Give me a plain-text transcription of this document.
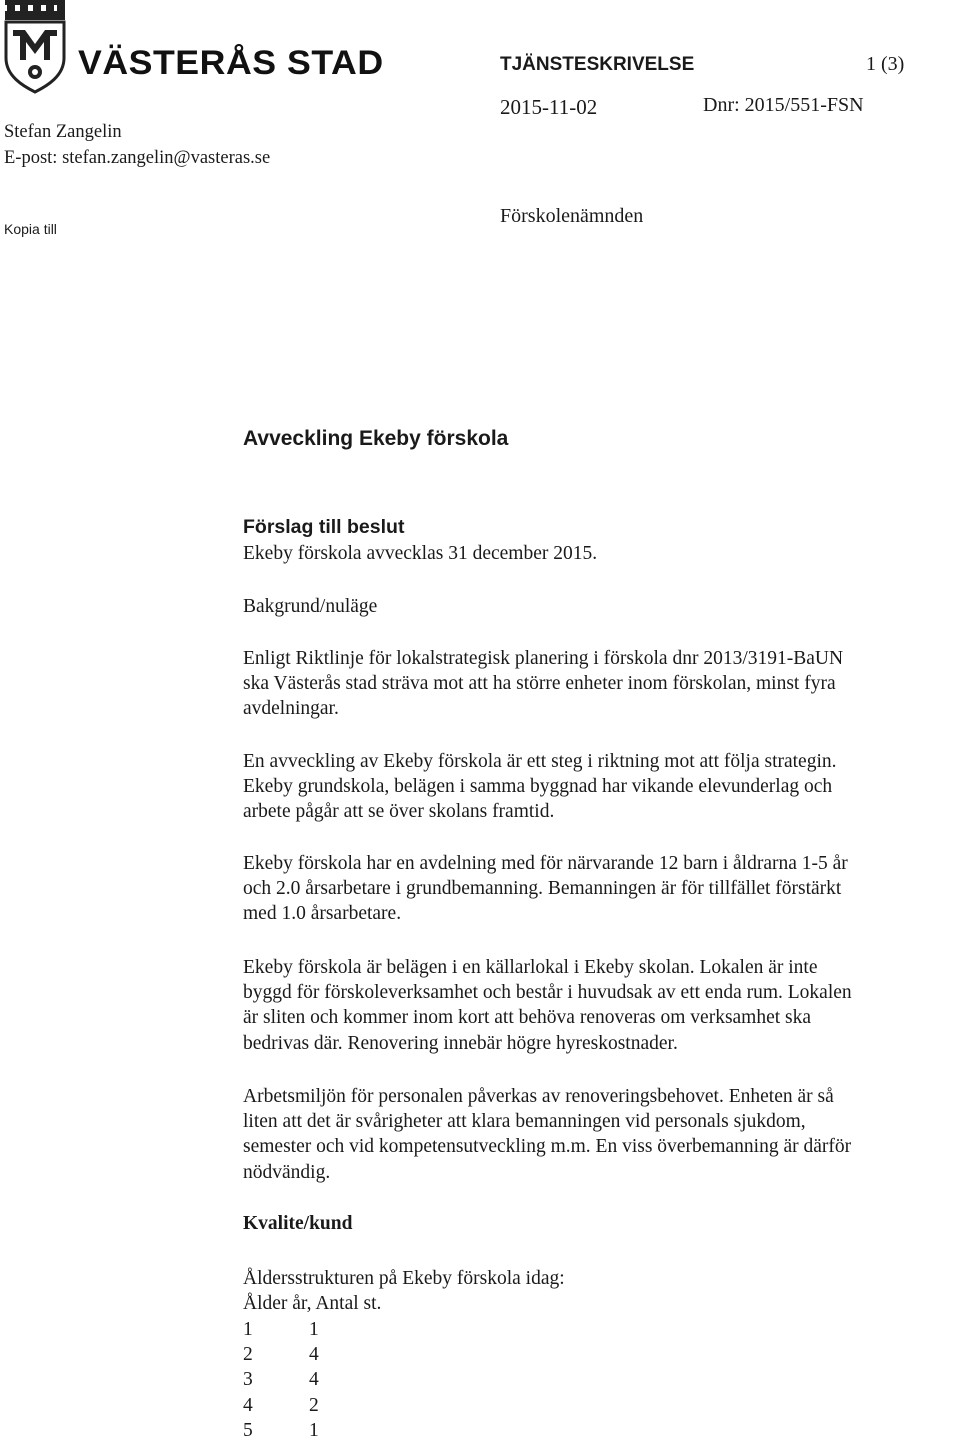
VÄSTERÅS STAD	TJÄNSTESKRIVELSE	1 (3)
2015-11-02	Dnr: 2015/551-FSN
Stefan Zangelin
E-post: stefan.zangelin@vasteras.se
Kopia till
Förskolenämnden
Avveckling Ekeby förskola
Förslag till beslut
Ekeby förskola avvecklas 31 december 2015.
Bakgrund/nuläge
Enligt Riktlinje för lokalstrategisk planering i förskola dnr 2013/3191-BaUN
ska Västerås stad sträva mot att ha större enheter inom förskolan, minst fyra
avdelningar.
En avveckling av Ekeby förskola är ett steg i riktning mot att följa strategin.
Ekeby grundskola, belägen i samma byggnad har vikande elevunderlag och
arbete pågår att se över skolans framtid.
Ekeby förskola har en avdelning med för närvarande 12 barn i åldrarna 1-5 år
och 2.0 årsarbetare i grundbemanning. Bemanningen är för tillfället förstärkt
med 1.0 årsarbetare.
Ekeby förskola är belägen i en källarlokal i Ekeby skolan. Lokalen är inte
byggd för förskoleverksamhet och består i huvudsak av ett enda rum. Lokalen
är sliten och kommer inom kort att behöva renoveras om verksamhet ska
bedrivas där. Renovering innebär högre hyreskostnader.
Arbetsmiljön för personalen påverkas av renoveringsbehovet. Enheten är så
liten att det är svårigheter att klara bemanningen vid personals sjukdom,
semester och vid kompetensutveckling m.m. En viss överbemanning är därför
nödvändig.
Kvalite/kund
Åldersstrukturen på Ekeby förskola idag:
Ålder år, Antal st.
1	1
2	4
3	4
4	2
5	1
